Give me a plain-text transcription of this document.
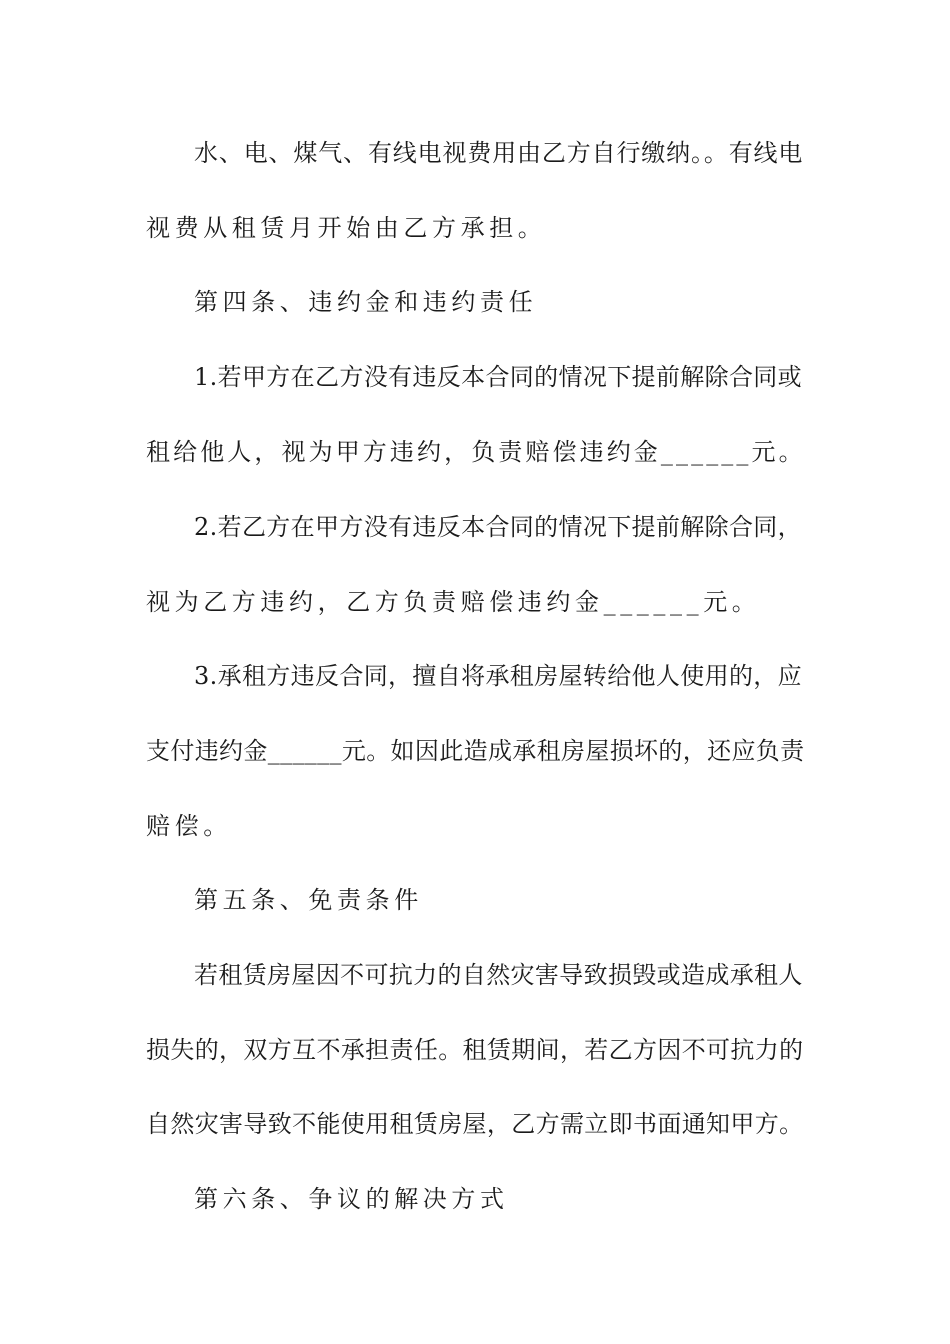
水、电、煤气、有线电视费用由乙方自行缴纳。。有线电
视费从租赁月开始由乙方承担。
第四条、违约金和违约责任
1.若甲方在乙方没有违反本合同的情况下提前解除合同或
租给他人，视为甲方违约，负责赔偿违约金______元。
2.若乙方在甲方没有违反本合同的情况下提前解除合同，
视为乙方违约，乙方负责赔偿违约金______元。
3.承租方违反合同，擅自将承租房屋转给他人使用的，应
支付违约金______元。如因此造成承租房屋损坏的，还应负责
赔偿。
第五条、免责条件
若租赁房屋因不可抗力的自然灾害导致损毁或造成承租人
损失的，双方互不承担责任。租赁期间，若乙方因不可抗力的
自然灾害导致不能使用租赁房屋，乙方需立即书面通知甲方。
第六条、争议的解决方式
